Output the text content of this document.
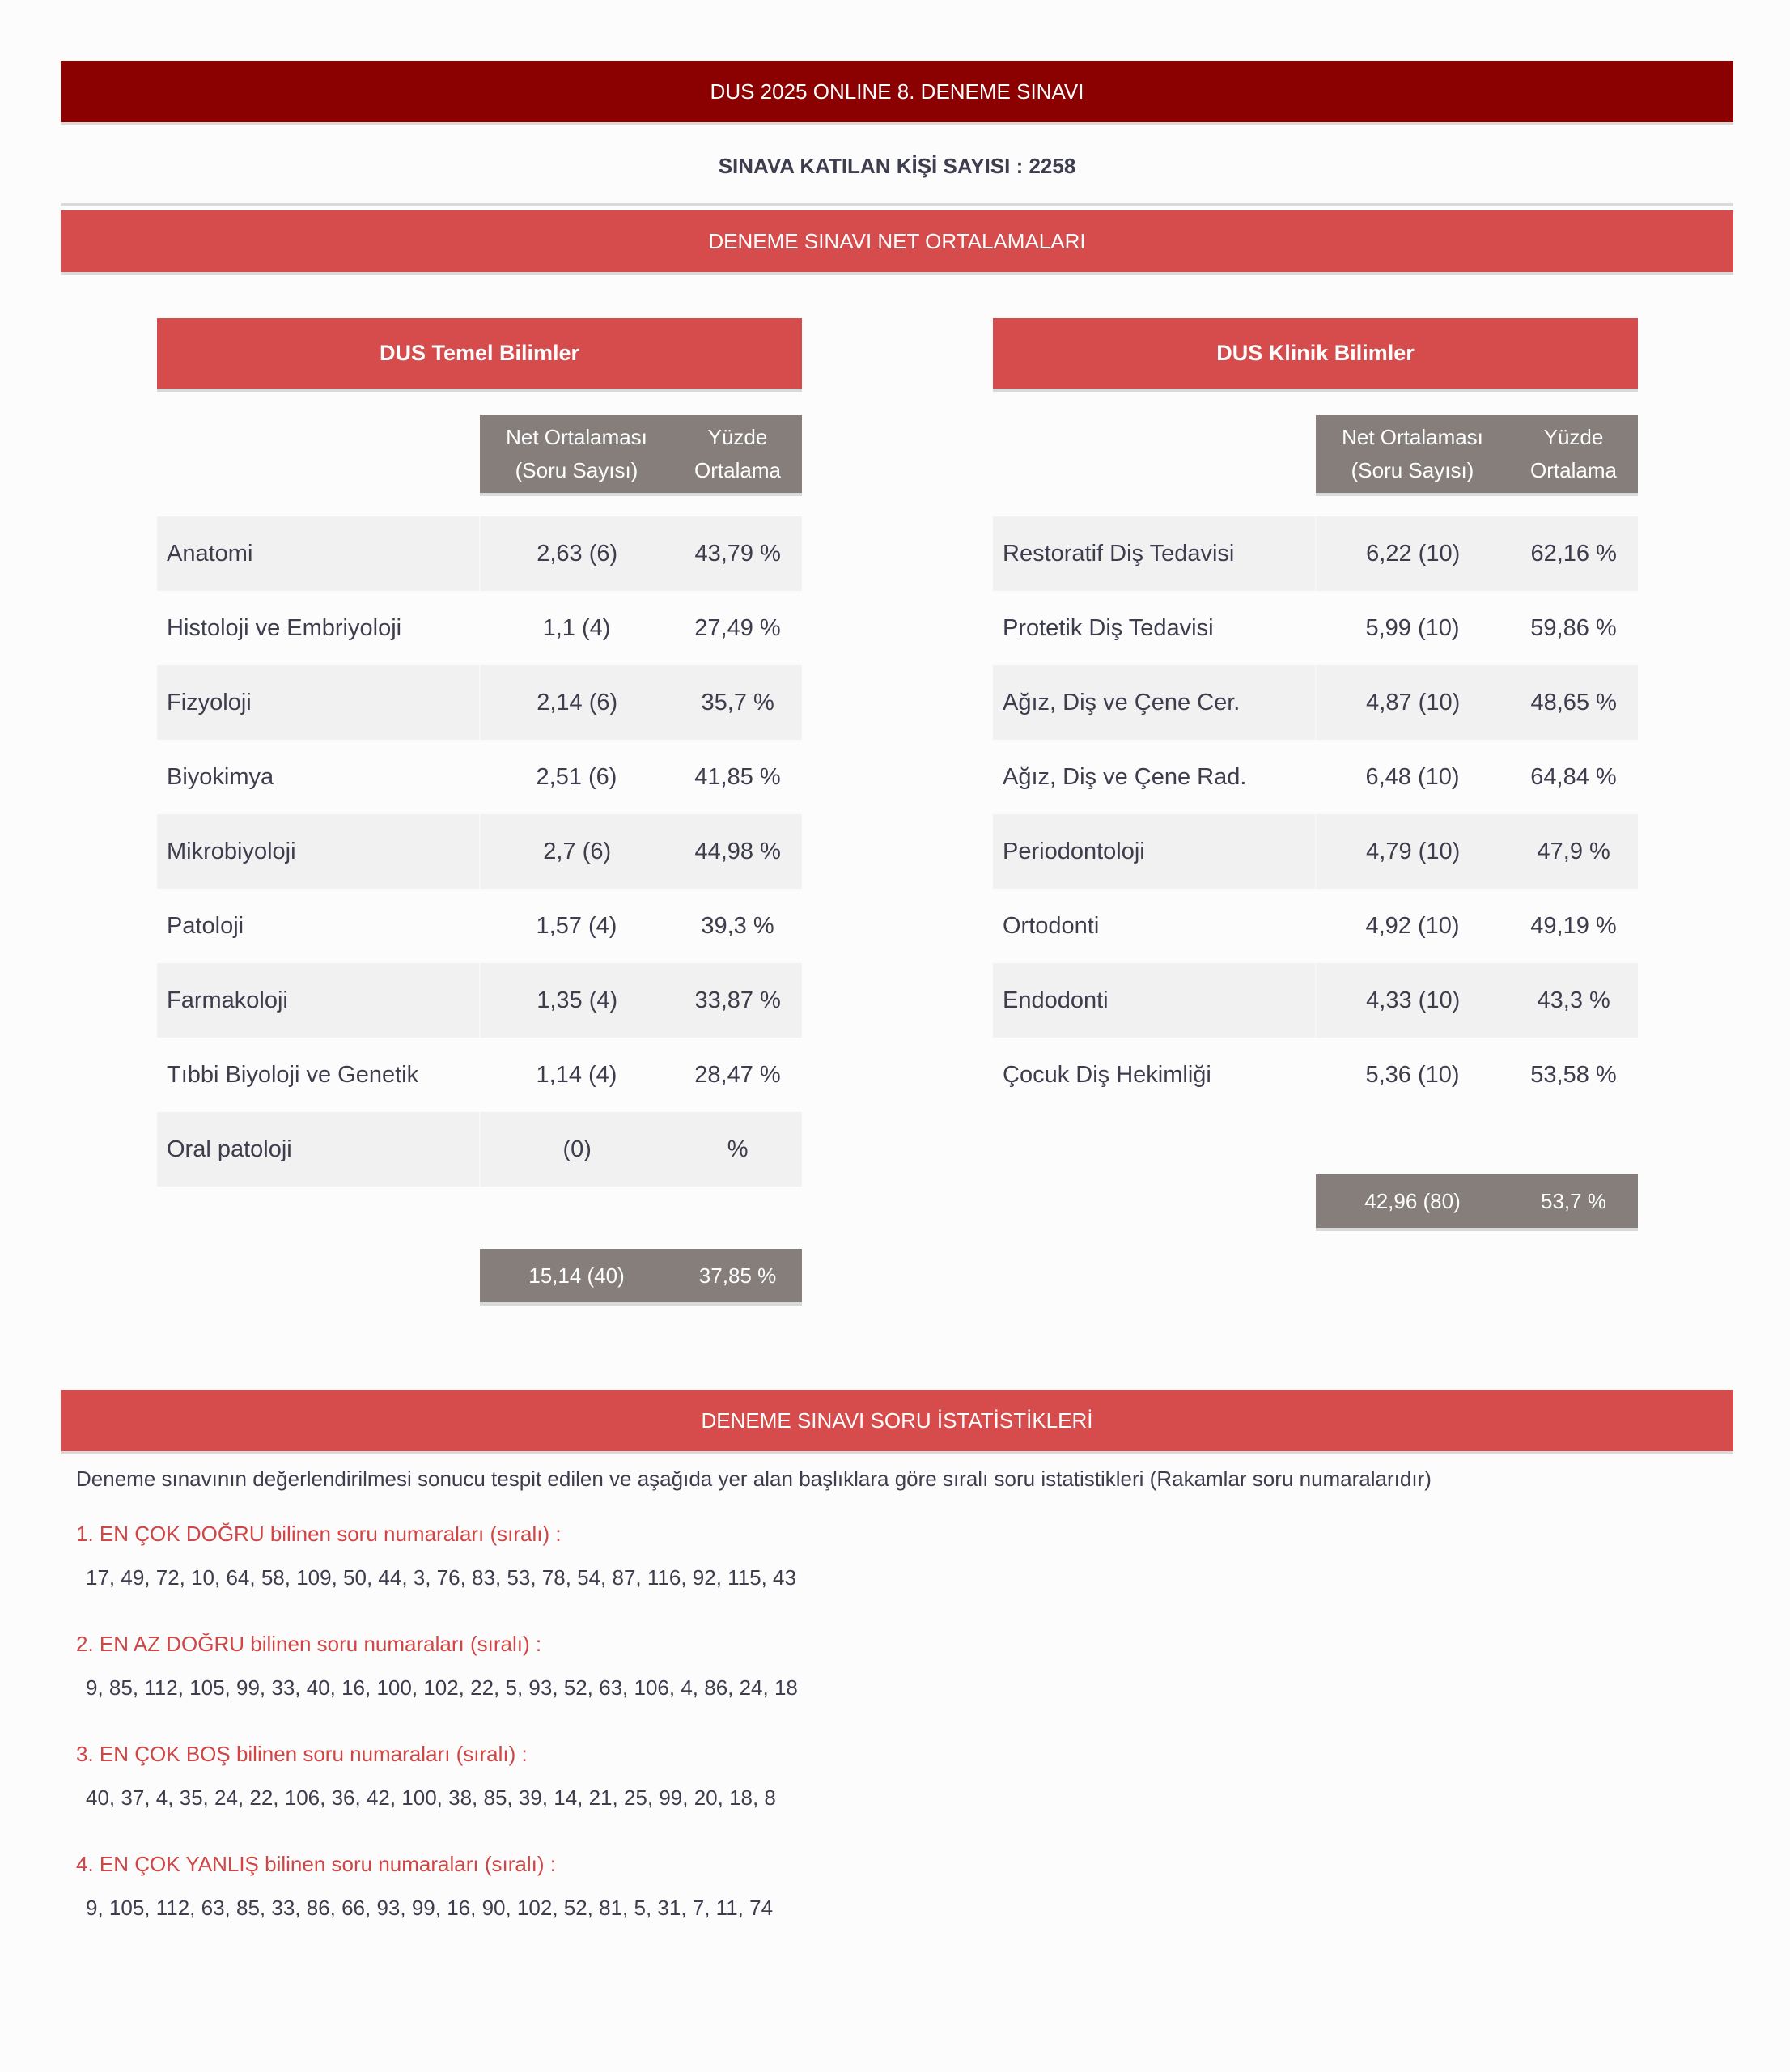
DUS 2025 ONLINE 8. DENEME SINAVI
SINAVA KATILAN KİŞİ SAYISI : 2258
DENEME SINAVI NET ORTALAMALARI
DUS Temel Bilimler
Net Ortalaması
(Soru Sayısı)
Yüzde
Ortalama
Anatomi	2,63 (6)	43,79 %
Histoloji ve Embriyoloji	1,1 (4)	27,49 %
Fizyoloji	2,14 (6)	35,7 %
Biyokimya	2,51 (6)	41,85 %
Mikrobiyoloji	2,7 (6)	44,98 %
Patoloji	1,57 (4)	39,3 %
Farmakoloji	1,35 (4)	33,87 %
Tıbbi Biyoloji ve Genetik	1,14 (4)	28,47 %
Oral patoloji	(0)	%
15,14 (40)	37,85 %
DUS Klinik Bilimler
Net Ortalaması
(Soru Sayısı)
Yüzde
Ortalama
Restoratif Diş Tedavisi	6,22 (10)	62,16 %
Protetik Diş Tedavisi	5,99 (10)	59,86 %
Ağız, Diş ve Çene Cer.	4,87 (10)	48,65 %
Ağız, Diş ve Çene Rad.	6,48 (10)	64,84 %
Periodontoloji	4,79 (10)	47,9 %
Ortodonti	4,92 (10)	49,19 %
Endodonti	4,33 (10)	43,3 %
Çocuk Diş Hekimliği	5,36 (10)	53,58 %
42,96 (80)	53,7 %
DENEME SINAVI SORU İSTATİSTİKLERİ
Deneme sınavının değerlendirilmesi sonucu tespit edilen ve aşağıda yer alan başlıklara göre sıralı soru istatistikleri (Rakamlar soru numaralarıdır)
1. EN ÇOK DOĞRU bilinen soru numaraları (sıralı) :
17, 49, 72, 10, 64, 58, 109, 50, 44, 3, 76, 83, 53, 78, 54, 87, 116, 92, 115, 43
2. EN AZ DOĞRU bilinen soru numaraları (sıralı) :
9, 85, 112, 105, 99, 33, 40, 16, 100, 102, 22, 5, 93, 52, 63, 106, 4, 86, 24, 18
3. EN ÇOK BOŞ bilinen soru numaraları (sıralı) :
40, 37, 4, 35, 24, 22, 106, 36, 42, 100, 38, 85, 39, 14, 21, 25, 99, 20, 18, 8
4. EN ÇOK YANLIŞ bilinen soru numaraları (sıralı) :
9, 105, 112, 63, 85, 33, 86, 66, 93, 99, 16, 90, 102, 52, 81, 5, 31, 7, 11, 74
